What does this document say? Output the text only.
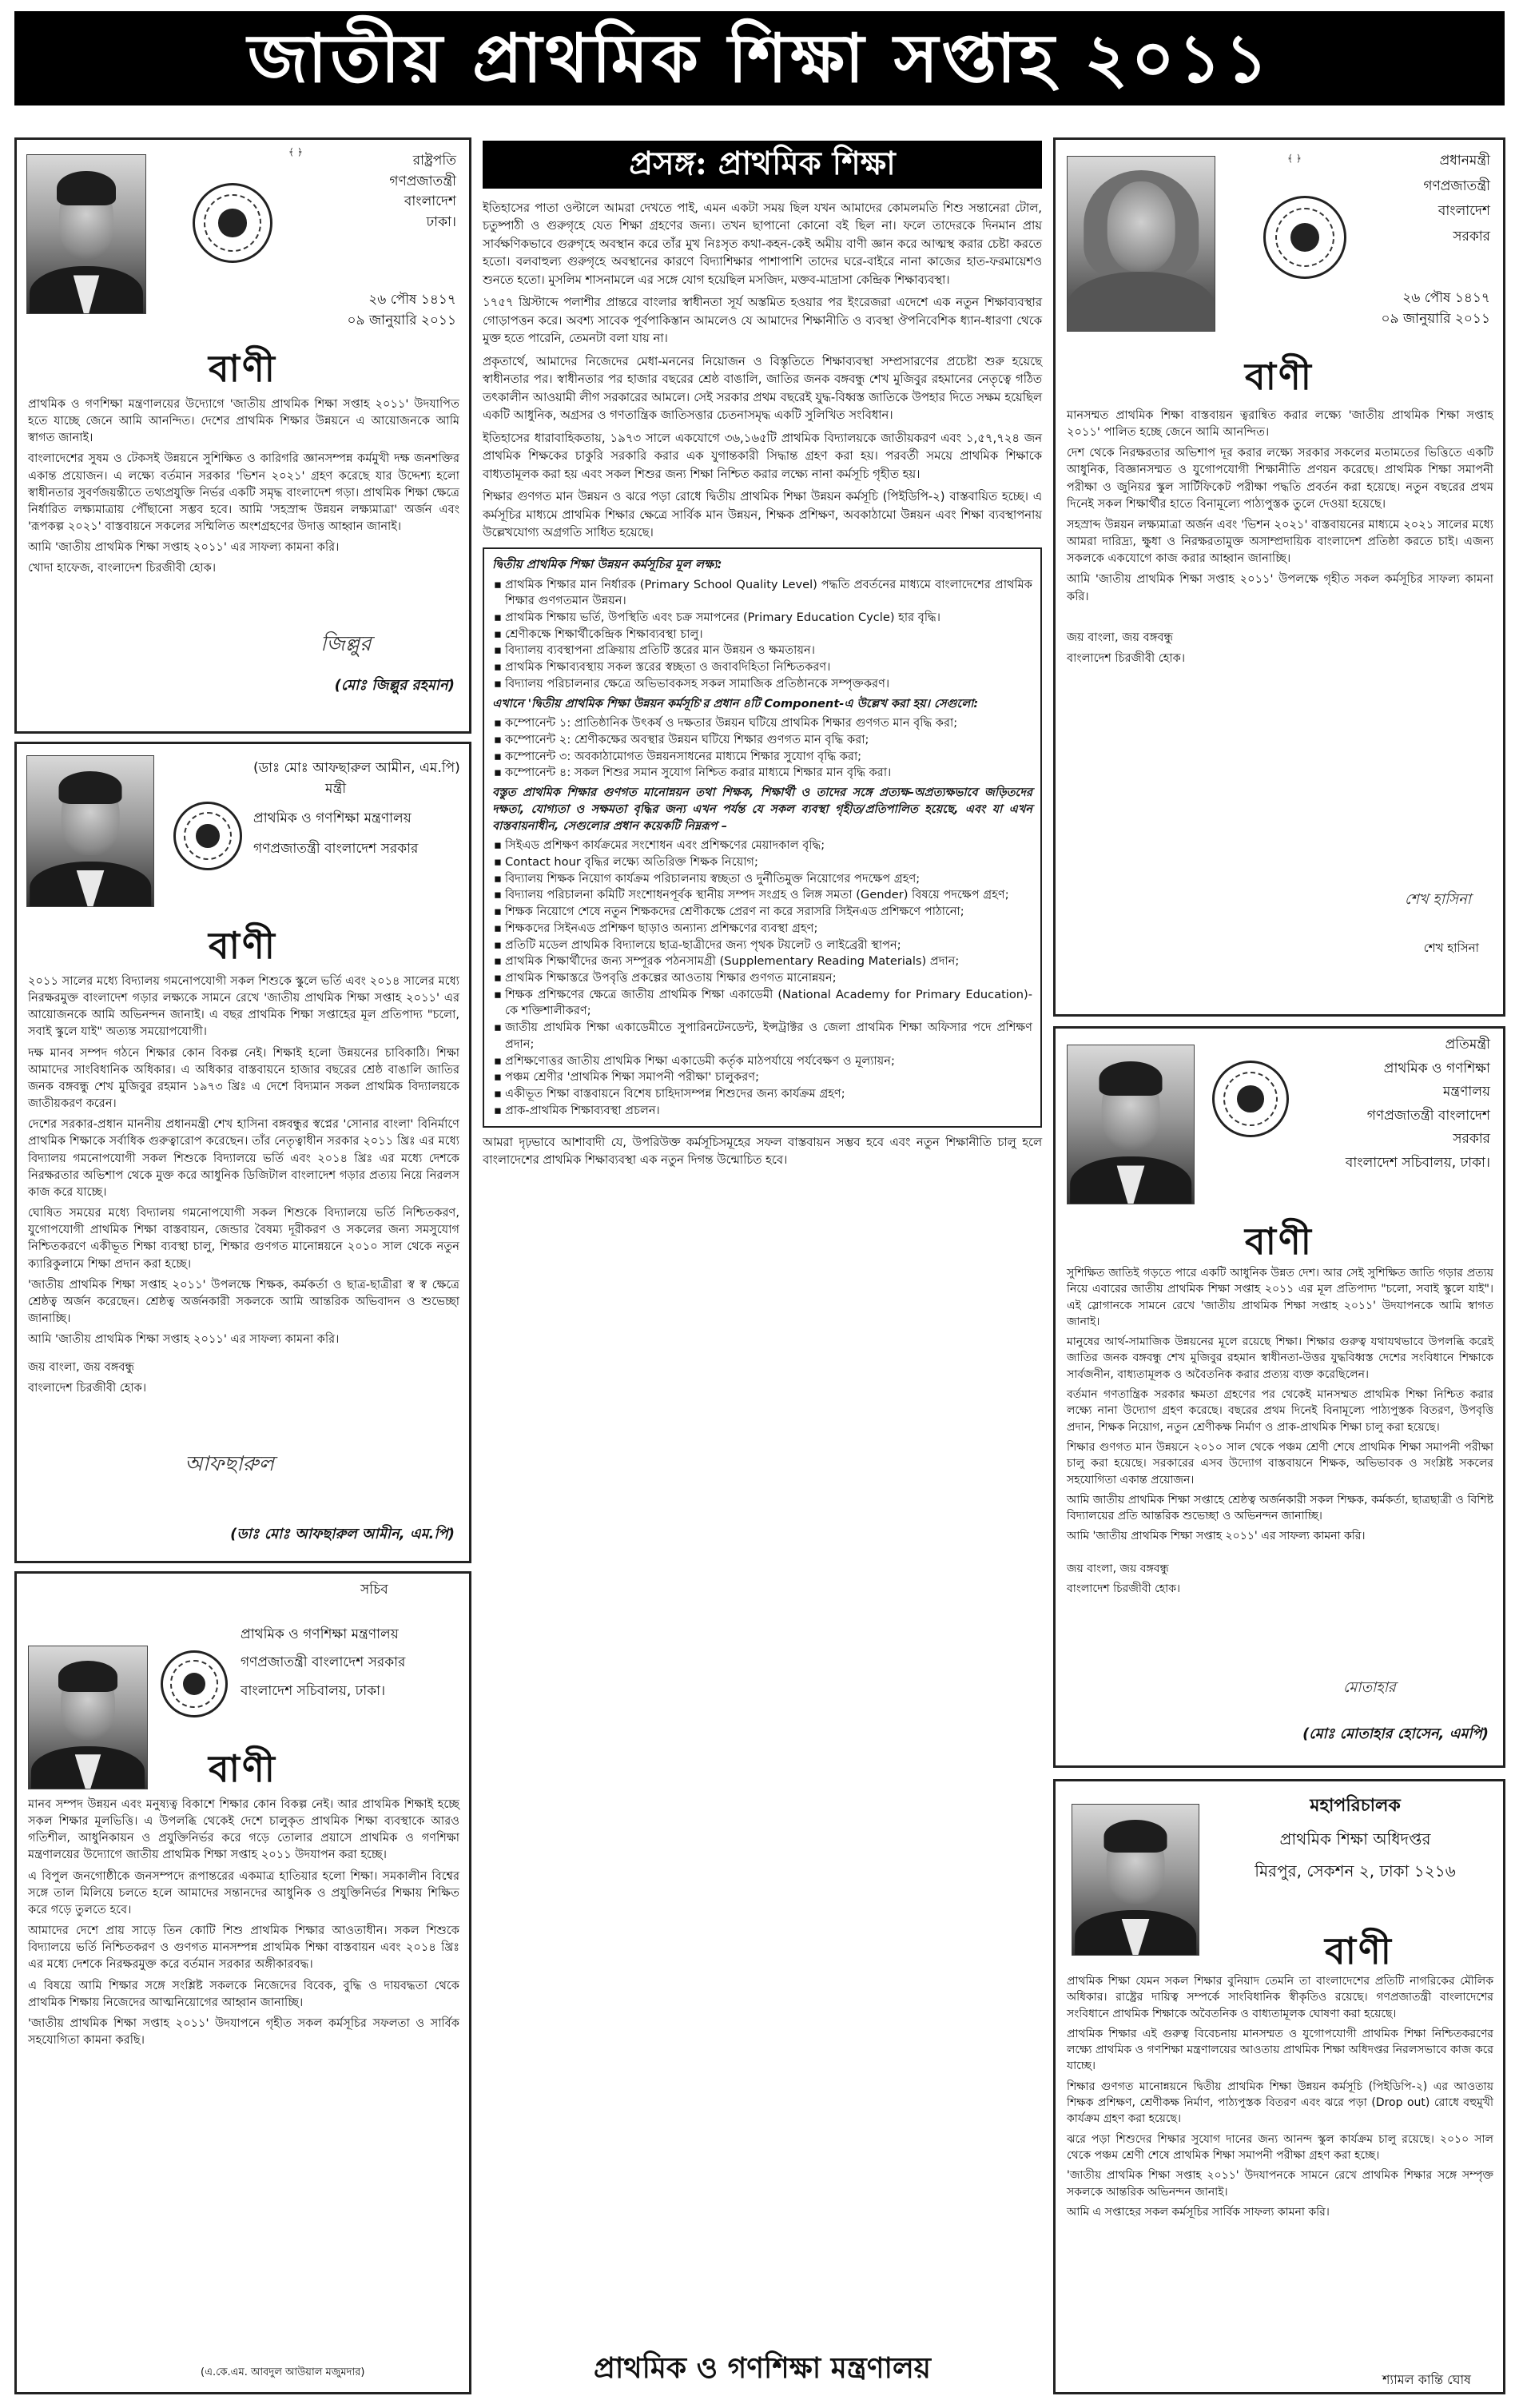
জাতীয় প্রাথমিক শিক্ষা সপ্তাহ ২০১১
﴾ ﴿
রাষ্ট্রপতি
গণপ্রজাতন্ত্রী
বাংলাদেশ
ঢাকা।
২৬ পৌষ ১৪১৭
০৯ জানুয়ারি ২০১১
বাণী
প্রাথমিক ও গণশিক্ষা মন্ত্রণালয়ের উদ্যোগে 'জাতীয় প্রাথমিক শিক্ষা সপ্তাহ ২০১১' উদযাপিত হতে যাচ্ছে জেনে আমি আনন্দিত। দেশের প্রাথমিক শিক্ষার উন্নয়নে এ আয়োজনকে আমি স্বাগত জানাই।
বাংলাদেশের সুষম ও টেকসই উন্নয়নে সুশিক্ষিত ও কারিগরি জ্ঞানসম্পন্ন কর্মমুখী দক্ষ জনশক্তির একান্ত প্রয়োজন। এ লক্ষ্যে বর্তমান সরকার 'ভিশন ২০২১' গ্রহণ করেছে যার উদ্দেশ্য হলো স্বাধীনতার সুবর্ণজয়ন্তীতে তথ্যপ্রযুক্তি নির্ভর একটি সমৃদ্ধ বাংলাদেশ গড়া। প্রাথমিক শিক্ষা ক্ষেত্রে নির্ধারিত লক্ষ্যমাত্রায় পৌঁছানো সম্ভব হবে। আমি 'সহস্রাব্দ উন্নয়ন লক্ষ্যমাত্রা' অর্জন এবং 'রূপকল্প ২০২১' বাস্তবায়নে সকলের সম্মিলিত অংশগ্রহণের উদাত্ত আহ্বান জানাই।
আমি 'জাতীয় প্রাথমিক শিক্ষা সপ্তাহ ২০১১' এর সাফল্য কামনা করি।
খোদা হাফেজ, বাংলাদেশ চিরজীবী হোক।
জিল্লুর
(মোঃ জিল্লুর রহমান)
(ডাঃ মোঃ আফছারুল আমীন, এম.পি)
মন্ত্রী
প্রাথমিক ও গণশিক্ষা মন্ত্রণালয়
গণপ্রজাতন্ত্রী বাংলাদেশ সরকার
বাণী
২০১১ সালের মধ্যে বিদ্যালয় গমনোপযোগী সকল শিশুকে স্কুলে ভর্তি এবং ২০১৪ সালের মধ্যে নিরক্ষরমুক্ত বাংলাদেশ গড়ার লক্ষ্যকে সামনে রেখে 'জাতীয় প্রাথমিক শিক্ষা সপ্তাহ ২০১১' এর আয়োজনকে আমি অভিনন্দন জানাই। এ বছর প্রাথমিক শিক্ষা সপ্তাহের মূল প্রতিপাদ্য "চলো, সবাই স্কুলে যাই" অত্যন্ত সময়োপযোগী।
দক্ষ মানব সম্পদ গঠনে শিক্ষার কোন বিকল্প নেই। শিক্ষাই হলো উন্নয়নের চাবিকাঠি। শিক্ষা আমাদের সাংবিধানিক অধিকার। এ অধিকার বাস্তবায়নে হাজার বছরের শ্রেষ্ঠ বাঙালি জাতির জনক বঙ্গবন্ধু শেখ মুজিবুর রহমান ১৯৭৩ খ্রিঃ এ দেশে বিদ্যমান সকল প্রাথমিক বিদ্যালয়কে জাতীয়করণ করেন।
দেশের সরকার-প্রধান মাননীয় প্রধানমন্ত্রী শেখ হাসিনা বঙ্গবন্ধুর স্বপ্নের 'সোনার বাংলা' বিনির্মাণে প্রাথমিক শিক্ষাকে সর্বাধিক গুরুত্বারোপ করেছেন। তাঁর নেতৃত্বাধীন সরকার ২০১১ খ্রিঃ এর মধ্যে বিদ্যালয় গমনোপযোগী সকল শিশুকে বিদ্যালয়ে ভর্তি এবং ২০১৪ খ্রিঃ এর মধ্যে দেশকে নিরক্ষরতার অভিশাপ থেকে মুক্ত করে আধুনিক ডিজিটাল বাংলাদেশ গড়ার প্রত্যয় নিয়ে নিরলস কাজ করে যাচ্ছে।
ঘোষিত সময়ের মধ্যে বিদ্যালয় গমনোপযোগী সকল শিশুকে বিদ্যালয়ে ভর্তি নিশ্চিতকরণ, যুগোপযোগী প্রাথমিক শিক্ষা বাস্তবায়ন, জেন্ডার বৈষম্য দূরীকরণ ও সকলের জন্য সমসুযোগ নিশ্চিতকরণে একীভূত শিক্ষা ব্যবস্থা চালু, শিক্ষার গুণগত মানোন্নয়নে ২০১০ সাল থেকে নতুন ক্যারিকুলামে শিক্ষা প্রদান করা হচ্ছে।
'জাতীয় প্রাথমিক শিক্ষা সপ্তাহ ২০১১' উপলক্ষে শিক্ষক, কর্মকর্তা ও ছাত্র-ছাত্রীরা স্ব স্ব ক্ষেত্রে শ্রেষ্ঠত্ব অর্জন করেছেন। শ্রেষ্ঠত্ব অর্জনকারী সকলকে আমি আন্তরিক অভিবাদন ও শুভেচ্ছা জানাচ্ছি।
আমি 'জাতীয় প্রাথমিক শিক্ষা সপ্তাহ ২০১১' এর সাফল্য কামনা করি।
জয় বাংলা, জয় বঙ্গবন্ধু
বাংলাদেশ চিরজীবী হোক।
আফছারুল
(ডাঃ মোঃ আফছারুল আমীন, এম.পি)
সচিব
প্রাথমিক ও গণশিক্ষা মন্ত্রণালয়
গণপ্রজাতন্ত্রী বাংলাদেশ সরকার
বাংলাদেশ সচিবালয়, ঢাকা।
বাণী
মানব সম্পদ উন্নয়ন এবং মনুষ্যত্ব বিকাশে শিক্ষার কোন বিকল্প নেই। আর প্রাথমিক শিক্ষাই হচ্ছে সকল শিক্ষার মূলভিত্তি। এ উপলব্ধি থেকেই দেশে চালুকৃত প্রাথমিক শিক্ষা ব্যবস্থাকে আরও গতিশীল, আধুনিকায়ন ও প্রযুক্তিনির্ভর করে গড়ে তোলার প্রয়াসে প্রাথমিক ও গণশিক্ষা মন্ত্রণালয়ের উদ্যোগে জাতীয় প্রাথমিক শিক্ষা সপ্তাহ ২০১১ উদযাপন করা হচ্ছে।
এ বিপুল জনগোষ্ঠীকে জনসম্পদে রূপান্তরের একমাত্র হাতিয়ার হলো শিক্ষা। সমকালীন বিশ্বের সঙ্গে তাল মিলিয়ে চলতে হলে আমাদের সন্তানদের আধুনিক ও প্রযুক্তিনির্ভর শিক্ষায় শিক্ষিত করে গড়ে তুলতে হবে।
আমাদের দেশে প্রায় সাড়ে তিন কোটি শিশু প্রাথমিক শিক্ষার আওতাধীন। সকল শিশুকে বিদ্যালয়ে ভর্তি নিশ্চিতকরণ ও গুণগত মানসম্পন্ন প্রাথমিক শিক্ষা বাস্তবায়ন এবং ২০১৪ খ্রিঃ এর মধ্যে দেশকে নিরক্ষরমুক্ত করে বর্তমান সরকার অঙ্গীকারবদ্ধ।
এ বিষয়ে আমি শিক্ষার সঙ্গে সংশ্লিষ্ট সকলকে নিজেদের বিবেক, বুদ্ধি ও দায়বদ্ধতা থেকে প্রাথমিক শিক্ষায় নিজেদের আত্মনিয়োগের আহ্বান জানাচ্ছি।
'জাতীয় প্রাথমিক শিক্ষা সপ্তাহ ২০১১' উদযাপনে গৃহীত সকল কর্মসূচির সফলতা ও সার্বিক সহযোগিতা কামনা করছি।
(এ.কে.এম. আবদুল আউয়াল মজুমদার)
প্রসঙ্গ: প্রাথমিক শিক্ষা

ইতিহাসের পাতা ওল্টালে আমরা দেখতে পাই, এমন একটা সময় ছিল যখন আমাদের কোমলমতি শিশু সন্তানেরা টোল, চতুষ্পাঠী ও গুরুগৃহে যেত শিক্ষা গ্রহণের জন্য। তখন ছাপানো কোনো বই ছিল না। ফলে তাদেরকে দিনমান প্রায় সার্বক্ষণিকভাবে গুরুগৃহে অবস্থান করে তাঁর মুখ নিঃসৃত কথা-কহন-কেই অমীয় বাণী জ্ঞান করে আত্মস্থ করার চেষ্টা করতে হতো। বলবাহুল্য গুরুগৃহে অবস্থানের কারণে বিদ্যাশিক্ষার পাশাপাশি তাদের ঘরে-বাইরে নানা কাজের হাত-ফরমায়েশও শুনতে হতো। মুসলিম শাসনামলে এর সঙ্গে যোগ হয়েছিল মসজিদ, মক্তব-মাদ্রাসা কেন্দ্রিক শিক্ষাব্যবস্থা।

১৭৫৭ খ্রিস্টাব্দে পলাশীর প্রান্তরে বাংলার স্বাধীনতা সূর্য অস্তমিত হওয়ার পর ইংরেজরা এদেশে এক নতুন শিক্ষাব্যবস্থার গোড়াপত্তন করে। অবশ্য সাবেক পূর্বপাকিস্তান আমলেও যে আমাদের শিক্ষানীতি ও ব্যবস্থা ঔপনিবেশিক ধ্যান-ধারণা থেকে মুক্ত হতে পারেনি, তেমনটা বলা যায় না।

প্রকৃতার্থে, আমাদের নিজেদের মেধা-মননের নিয়োজন ও বিস্তৃতিতে শিক্ষাব্যবস্থা সম্প্রসারণের প্রচেষ্টা শুরু হয়েছে স্বাধীনতার পর। স্বাধীনতার পর হাজার বছরের শ্রেষ্ঠ বাঙালি, জাতির জনক বঙ্গবন্ধু শেখ মুজিবুর রহমানের নেতৃত্বে গঠিত তৎকালীন আওয়ামী লীগ সরকারের আমলে। সেই সরকার প্রথম বছরেই যুদ্ধ-বিধ্বস্ত জাতিকে উপহার দিতে সক্ষম হয়েছিল একটি আধুনিক, অগ্রসর ও গণতান্ত্রিক জাতিসত্তার চেতনাসমৃদ্ধ একটি সুলিখিত সংবিধান।

ইতিহাসের ধারাবাহিকতায়, ১৯৭৩ সালে একযোগে ৩৬,১৬৫টি প্রাথমিক বিদ্যালয়কে জাতীয়করণ এবং ১,৫৭,৭২৪ জন প্রাথমিক শিক্ষকের চাকুরি সরকারি করার এক যুগান্তকারী সিদ্ধান্ত গ্রহণ করা হয়। পরবর্তী সময়ে প্রাথমিক শিক্ষাকে বাধ্যতামূলক করা হয় এবং সকল শিশুর জন্য শিক্ষা নিশ্চিত করার লক্ষ্যে নানা কর্মসূচি গৃহীত হয়।

শিক্ষার গুণগত মান উন্নয়ন ও ঝরে পড়া রোধে দ্বিতীয় প্রাথমিক শিক্ষা উন্নয়ন কর্মসূচি (পিইডিপি-২) বাস্তবায়িত হচ্ছে। এ কর্মসূচির মাধ্যমে প্রাথমিক শিক্ষার ক্ষেত্রে সার্বিক মান উন্নয়ন, শিক্ষক প্রশিক্ষণ, অবকাঠামো উন্নয়ন এবং শিক্ষা ব্যবস্থাপনায় উল্লেখযোগ্য অগ্রগতি সাধিত হয়েছে।

দ্বিতীয় প্রাথমিক শিক্ষা উন্নয়ন কর্মসূচির মূল লক্ষ্য:
▪ প্রাথমিক শিক্ষার মান নির্ধারক (Primary School Quality Level) পদ্ধতি প্রবর্তনের মাধ্যমে বাংলাদেশের প্রাথমিক শিক্ষার গুণগতমান উন্নয়ন।
▪ প্রাথমিক শিক্ষায় ভর্তি, উপস্থিতি এবং চক্র সমাপনের (Primary Education Cycle) হার বৃদ্ধি।
▪ শ্রেণীকক্ষে শিক্ষার্থীকেন্দ্রিক শিক্ষাব্যবস্থা চালু।
▪ বিদ্যালয় ব্যবস্থাপনা প্রক্রিয়ায় প্রতিটি স্তরের মান উন্নয়ন ও ক্ষমতায়ন।
▪ প্রাথমিক শিক্ষাব্যবস্থায় সকল স্তরের স্বচ্ছতা ও জবাবদিহিতা নিশ্চিতকরণ।
▪ বিদ্যালয় পরিচালনার ক্ষেত্রে অভিভাবকসহ সকল সামাজিক প্রতিষ্ঠানকে সম্পৃক্তকরণ।
এখানে 'দ্বিতীয় প্রাথমিক শিক্ষা উন্নয়ন কর্মসূচি'র প্রধান ৪টি Component-এ উল্লেখ করা হয়। সেগুলো:
▪ কম্পোনেন্ট ১: প্রাতিষ্ঠানিক উৎকর্ষ ও দক্ষতার উন্নয়ন ঘটিয়ে প্রাথমিক শিক্ষার গুণগত মান বৃদ্ধি করা;
▪ কম্পোনেন্ট ২: শ্রেণীকক্ষের অবস্থার উন্নয়ন ঘটিয়ে শিক্ষার গুণগত মান বৃদ্ধি করা;
▪ কম্পোনেন্ট ৩: অবকাঠামোগত উন্নয়নসাধনের মাধ্যমে শিক্ষার সুযোগ বৃদ্ধি করা;
▪ কম্পোনেন্ট ৪: সকল শিশুর সমান সুযোগ নিশ্চিত করার মাধ্যমে শিক্ষার মান বৃদ্ধি করা।
বস্তুত প্রাথমিক শিক্ষার গুণগত মানোন্নয়ন তথা শিক্ষক, শিক্ষার্থী ও তাদের সঙ্গে প্রত্যক্ষ-অপ্রত্যক্ষভাবে জড়িতদের দক্ষতা, যোগ্যতা ও সক্ষমতা বৃদ্ধির জন্য এখন পর্যন্ত যে সকল ব্যবস্থা গৃহীত/প্রতিপালিত হয়েছে, এবং যা এখন বাস্তবায়নাধীন, সেগুলোর প্রধান কয়েকটি নিম্নরূপ –
▪ সিইএড প্রশিক্ষণ কার্যক্রমের সংশোধন এবং প্রশিক্ষণের মেয়াদকাল বৃদ্ধি;
▪ Contact hour বৃদ্ধির লক্ষ্যে অতিরিক্ত শিক্ষক নিয়োগ;
▪ বিদ্যালয় শিক্ষক নিয়োগ কার্যক্রম পরিচালনায় স্বচ্ছতা ও দুর্নীতিমুক্ত নিয়োগের পদক্ষেপ গ্রহণ;
▪ বিদ্যালয় পরিচালনা কমিটি সংশোধনপূর্বক স্থানীয় সম্পদ সংগ্রহ ও লিঙ্গ সমতা (Gender) বিষয়ে পদক্ষেপ গ্রহণ;
▪ শিক্ষক নিয়োগে শেষে নতুন শিক্ষকদের শ্রেণীকক্ষে প্রেরণ না করে সরাসরি সিইনএড প্রশিক্ষণে পাঠানো;
▪ শিক্ষকদের সিইনএড প্রশিক্ষণ ছাড়াও অন্যান্য প্রশিক্ষণের ব্যবস্থা গ্রহণ;
▪ প্রতিটি মডেল প্রাথমিক বিদ্যালয়ে ছাত্র-ছাত্রীদের জন্য পৃথক টয়লেট ও লাইব্রেরী স্থাপন;
▪ প্রাথমিক শিক্ষার্থীদের জন্য সম্পূরক পঠনসামগ্রী (Supplementary Reading Materials) প্রদান;
▪ প্রাথমিক শিক্ষাস্তরে উপবৃত্তি প্রকল্পের আওতায় শিক্ষার গুণগত মানোন্নয়ন;
▪ শিক্ষক প্রশিক্ষণের ক্ষেত্রে জাতীয় প্রাথমিক শিক্ষা একাডেমী (National Academy for Primary Education)-কে শক্তিশালীকরণ;
▪ জাতীয় প্রাথমিক শিক্ষা একাডেমীতে সুপারিনটেনডেন্ট, ইন্সট্রাক্টর ও জেলা প্রাথমিক শিক্ষা অফিসার পদে প্রশিক্ষণ প্রদান;
▪ প্রশিক্ষণোত্তর জাতীয় প্রাথমিক শিক্ষা একাডেমী কর্তৃক মাঠপর্যায়ে পর্যবেক্ষণ ও মূল্যায়ন;
▪ পঞ্চম শ্রেণীর 'প্রাথমিক শিক্ষা সমাপনী পরীক্ষা' চালুকরণ;
▪ একীভূত শিক্ষা বাস্তবায়নে বিশেষ চাহিদাসম্পন্ন শিশুদের জন্য কার্যক্রম গ্রহণ;
▪ প্রাক-প্রাথমিক শিক্ষাব্যবস্থা প্রচলন।

আমরা দৃঢ়ভাবে আশাবাদী যে, উপরিউক্ত কর্মসূচিসমূহের সফল বাস্তবায়ন সম্ভব হবে এবং নতুন শিক্ষানীতি চালু হলে বাংলাদেশের প্রাথমিক শিক্ষাব্যবস্থা এক নতুন দিগন্ত উন্মোচিত হবে।

প্রাথমিক ও গণশিক্ষা মন্ত্রণালয়
﴾ ﴿	প্রধানমন্ত্রী
গণপ্রজাতন্ত্রী
বাংলাদেশ
সরকার
২৬ পৌষ ১৪১৭
০৯ জানুয়ারি ২০১১
বাণী
মানসম্মত প্রাথমিক শিক্ষা বাস্তবায়ন ত্বরান্বিত করার লক্ষ্যে 'জাতীয় প্রাথমিক শিক্ষা সপ্তাহ ২০১১' পালিত হচ্ছে জেনে আমি আনন্দিত।
দেশ থেকে নিরক্ষরতার অভিশাপ দূর করার লক্ষ্যে সরকার সকলের মতামতের ভিত্তিতে একটি আধুনিক, বিজ্ঞানসম্মত ও যুগোপযোগী শিক্ষানীতি প্রণয়ন করেছে। প্রাথমিক শিক্ষা সমাপনী পরীক্ষা ও জুনিয়র স্কুল সার্টিফিকেট পরীক্ষা পদ্ধতি প্রবর্তন করা হয়েছে। নতুন বছরের প্রথম দিনেই সকল শিক্ষার্থীর হাতে বিনামূল্যে পাঠ্যপুস্তক তুলে দেওয়া হয়েছে।
সহস্রাব্দ উন্নয়ন লক্ষ্যমাত্রা অর্জন এবং 'ভিশন ২০২১' বাস্তবায়নের মাধ্যমে ২০২১ সালের মধ্যে আমরা দারিদ্র্য, ক্ষুধা ও নিরক্ষরতামুক্ত অসাম্প্রদায়িক বাংলাদেশ প্রতিষ্ঠা করতে চাই। এজন্য সকলকে একযোগে কাজ করার আহ্বান জানাচ্ছি।
আমি 'জাতীয় প্রাথমিক শিক্ষা সপ্তাহ ২০১১' উপলক্ষে গৃহীত সকল কর্মসূচির সাফল্য কামনা করি।
জয় বাংলা, জয় বঙ্গবন্ধু
বাংলাদেশ চিরজীবী হোক।
শেখ হাসিনা
শেখ হাসিনা
প্রতিমন্ত্রী
প্রাথমিক ও গণশিক্ষা
মন্ত্রণালয়
গণপ্রজাতন্ত্রী বাংলাদেশ
সরকার
বাংলাদেশ সচিবালয়, ঢাকা।
বাণী
সুশিক্ষিত জাতিই গড়তে পারে একটি আধুনিক উন্নত দেশ। আর সেই সুশিক্ষিত জাতি গড়ার প্রত্যয় নিয়ে এবারের জাতীয় প্রাথমিক শিক্ষা সপ্তাহ ২০১১ এর মূল প্রতিপাদ্য "চলো, সবাই স্কুলে যাই"। এই স্লোগানকে সামনে রেখে 'জাতীয় প্রাথমিক শিক্ষা সপ্তাহ ২০১১' উদযাপনকে আমি স্বাগত জানাই।
মানুষের আর্থ-সামাজিক উন্নয়নের মূলে রয়েছে শিক্ষা। শিক্ষার গুরুত্ব যথাযথভাবে উপলব্ধি করেই জাতির জনক বঙ্গবন্ধু শেখ মুজিবুর রহমান স্বাধীনতা-উত্তর যুদ্ধবিধ্বস্ত দেশের সংবিধানে শিক্ষাকে সার্বজনীন, বাধ্যতামূলক ও অবৈতনিক করার প্রত্যয় ব্যক্ত করেছিলেন।
বর্তমান গণতান্ত্রিক সরকার ক্ষমতা গ্রহণের পর থেকেই মানসম্মত প্রাথমিক শিক্ষা নিশ্চিত করার লক্ষ্যে নানা উদ্যোগ গ্রহণ করেছে। বছরের প্রথম দিনেই বিনামূল্যে পাঠ্যপুস্তক বিতরণ, উপবৃত্তি প্রদান, শিক্ষক নিয়োগ, নতুন শ্রেণীকক্ষ নির্মাণ ও প্রাক-প্রাথমিক শিক্ষা চালু করা হয়েছে।
শিক্ষার গুণগত মান উন্নয়নে ২০১০ সাল থেকে পঞ্চম শ্রেণী শেষে প্রাথমিক শিক্ষা সমাপনী পরীক্ষা চালু করা হয়েছে। সরকারের এসব উদ্যোগ বাস্তবায়নে শিক্ষক, অভিভাবক ও সংশ্লিষ্ট সকলের সহযোগিতা একান্ত প্রয়োজন।
আমি জাতীয় প্রাথমিক শিক্ষা সপ্তাহে শ্রেষ্ঠত্ব অর্জনকারী সকল শিক্ষক, কর্মকর্তা, ছাত্রছাত্রী ও বিশিষ্ট বিদ্যালয়ের প্রতি আন্তরিক শুভেচ্ছা ও অভিনন্দন জানাচ্ছি।
আমি 'জাতীয় প্রাথমিক শিক্ষা সপ্তাহ ২০১১' এর সাফল্য কামনা করি।
জয় বাংলা, জয় বঙ্গবন্ধু
বাংলাদেশ চিরজীবী হোক।
মোতাহার
(মোঃ মোতাহার হোসেন, এমপি)
মহাপরিচালক
প্রাথমিক শিক্ষা অধিদপ্তর
মিরপুর, সেকশন ২, ঢাকা ১২১৬
বাণী
প্রাথমিক শিক্ষা যেমন সকল শিক্ষার বুনিয়াদ তেমনি তা বাংলাদেশের প্রতিটি নাগরিকের মৌলিক অধিকার। রাষ্ট্রের দায়িত্ব সম্পর্কে সাংবিধানিক স্বীকৃতিও রয়েছে। গণপ্রজাতন্ত্রী বাংলাদেশের সংবিধানে প্রাথমিক শিক্ষাকে অবৈতনিক ও বাধ্যতামূলক ঘোষণা করা হয়েছে।
প্রাথমিক শিক্ষার এই গুরুত্ব বিবেচনায় মানসম্মত ও যুগোপযোগী প্রাথমিক শিক্ষা নিশ্চিতকরণের লক্ষ্যে প্রাথমিক ও গণশিক্ষা মন্ত্রণালয়ের আওতায় প্রাথমিক শিক্ষা অধিদপ্তর নিরলসভাবে কাজ করে যাচ্ছে।
শিক্ষার গুণগত মানোন্নয়নে দ্বিতীয় প্রাথমিক শিক্ষা উন্নয়ন কর্মসূচি (পিইডিপি-২) এর আওতায় শিক্ষক প্রশিক্ষণ, শ্রেণীকক্ষ নির্মাণ, পাঠ্যপুস্তক বিতরণ এবং ঝরে পড়া (Drop out) রোধে বহুমুখী কার্যক্রম গ্রহণ করা হয়েছে।
ঝরে পড়া শিশুদের শিক্ষার সুযোগ দানের জন্য আনন্দ স্কুল কার্যক্রম চালু রয়েছে। ২০১০ সাল থেকে পঞ্চম শ্রেণী শেষে প্রাথমিক শিক্ষা সমাপনী পরীক্ষা গ্রহণ করা হচ্ছে।
'জাতীয় প্রাথমিক শিক্ষা সপ্তাহ ২০১১' উদযাপনকে সামনে রেখে প্রাথমিক শিক্ষার সঙ্গে সম্পৃক্ত সকলকে আন্তরিক অভিনন্দন জানাই।
আমি এ সপ্তাহের সকল কর্মসূচির সার্বিক সাফল্য কামনা করি।
শ্যামল কান্তি ঘোষ
